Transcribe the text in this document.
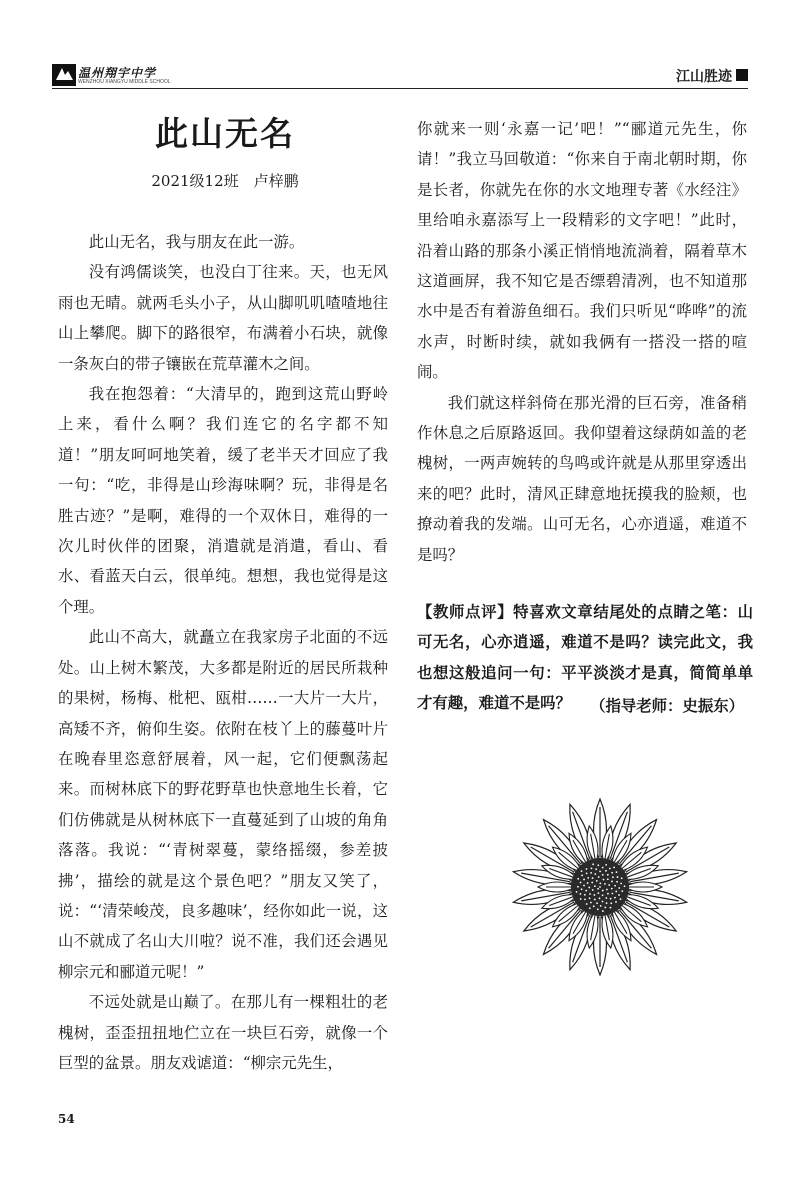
温州翔宇中学
WENZHOU XIANGYU MIDDLE SCHOOL	江山胜迹
此山无名
2021级12班　卢梓鹏

此山无名，我与朋友在此一游。

没有鸿儒谈笑，也没白丁往来。天，也无风雨也无晴。就两毛头小子，从山脚叽叽喳喳地往山上攀爬。脚下的路很窄，布满着小石块，就像一条灰白的带子镶嵌在荒草灌木之间。

我在抱怨着：“大清早的，跑到这荒山野岭上来，看什么啊？我们连它的名字都不知道！”朋友呵呵地笑着，缓了老半天才回应了我一句：“吃，非得是山珍海味啊？玩，非得是名胜古迹？”是啊，难得的一个双休日，难得的一次儿时伙伴的团聚，消遣就是消遣，看山、看水、看蓝天白云，很单纯。想想，我也觉得是这个理。

此山不高大，就矗立在我家房子北面的不远处。山上树木繁茂，大多都是附近的居民所栽种的果树，杨梅、枇杷、瓯柑……一大片一大片，高矮不齐，俯仰生姿。依附在枝丫上的藤蔓叶片在晚春里恣意舒展着，风一起，它们便飘荡起来。而树林底下的野花野草也快意地生长着，它们仿佛就是从树林底下一直蔓延到了山坡的角角落落。我说：“‘青树翠蔓，蒙络摇缀，参差披拂’，描绘的就是这个景色吧？”朋友又笑了，说：“‘清荣峻茂，良多趣味’，经你如此一说，这山不就成了名山大川啦？说不准，我们还会遇见柳宗元和郦道元呢！”

不远处就是山巅了。在那儿有一棵粗壮的老槐树，歪歪扭扭地伫立在一块巨石旁，就像一个巨型的盆景。朋友戏谑道：“柳宗元先生，

你就来一则‘永嘉一记’吧！”“郦道元先生，你请！”我立马回敬道：“你来自于南北朝时期，你是长者，你就先在你的水文地理专著《水经注》里给咱永嘉添写上一段精彩的文字吧！”此时，沿着山路的那条小溪正悄悄地流淌着，隔着草木这道画屏，我不知它是否缥碧清冽，也不知道那水中是否有着游鱼细石。我们只听见“哗哗”的流水声，时断时续，就如我俩有一搭没一搭的喧闹。

我们就这样斜倚在那光滑的巨石旁，准备稍作休息之后原路返回。我仰望着这绿荫如盖的老槐树，一两声婉转的鸟鸣或许就是从那里穿透出来的吧？此时，清风正肆意地抚摸我的脸颊，也撩动着我的发端。山可无名，心亦逍遥，难道不是吗？

【教师点评】特喜欢文章结尾处的点睛之笔：山可无名，心亦逍遥，难道不是吗？读完此文，我也想这般追问一句：平平淡淡才是真，简简单单才有趣，难道不是吗？	（指导老师：史振东）
54
